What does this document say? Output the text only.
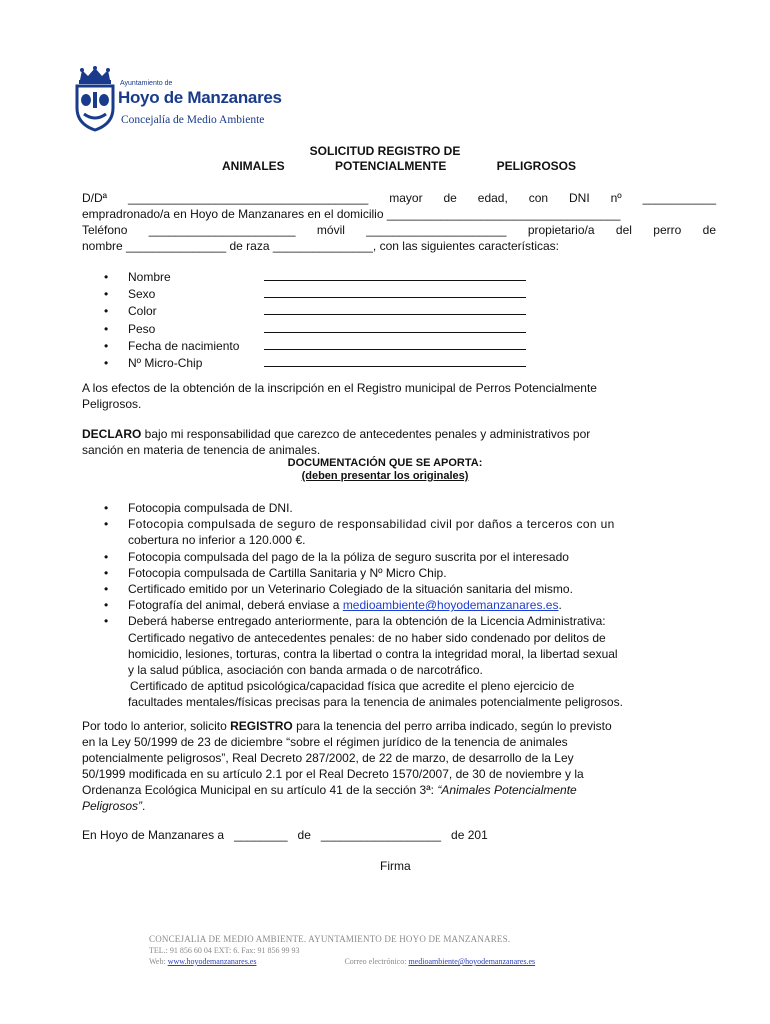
Ayuntamiento de
Hoyo de Manzanares
Concejalía de Medio Ambiente
SOLICITUD REGISTRO DE
ANIMALES	POTENCIALMENTE	PELIGROSOS
D/Dª ____________________________________ mayor de edad, con DNI nº ___________
empradronado/a en Hoyo de Manzanares en el domicilio ___________________________________
Teléfono ______________________ móvil _____________________ propietario/a del perro de
nombre _______________ de raza _______________, con las siguientes características:
•	Nombre
•	Sexo
•	Color
•	Peso
•	Fecha de nacimiento
•	Nº Micro-Chip
A los efectos de la obtención de la inscripción en el Registro municipal de Perros Potencialmente
Peligrosos.
DECLARO bajo mi responsabilidad que carezco de antecedentes penales y administrativos por
sanción en materia de tenencia de animales.
DOCUMENTACIÓN QUE SE APORTA:
(deben presentar los originales)
•	Fotocopia compulsada de DNI.
•	Fotocopia compulsada de seguro de responsabilidad civil por daños a terceros con un
cobertura no inferior a 120.000 €.
•	Fotocopia compulsada del pago de la la póliza de seguro suscrita por el interesado
•	Fotocopia compulsada de Cartilla Sanitaria y Nº Micro Chip.
•	Certificado emitido por un Veterinario Colegiado de la situación sanitaria del mismo.
•	Fotografía del animal, deberá enviase a medioambiente@hoyodemanzanares.es.
•	Deberá haberse entregado anteriormente, para la obtención de la Licencia Administrativa:
Certificado negativo de antecedentes penales: de no haber sido condenado por delitos de
homicidio, lesiones, torturas, contra la libertad o contra la integridad moral, la libertad sexual
y la salud pública, asociación con banda armada o de narcotráfico.
Certificado de aptitud psicológica/capacidad física que acredite el pleno ejercicio de
facultades mentales/físicas precisas para la tenencia de animales potencialmente peligrosos.
Por todo lo anterior, solicito REGISTRO para la tenencia del perro arriba indicado, según lo previsto
en la Ley 50/1999 de 23 de diciembre “sobre el régimen jurídico de la tenencia de animales
potencialmente peligrosos”, Real Decreto 287/2002, de 22 de marzo, de desarrollo de la Ley
50/1999 modificada en su artículo 2.1 por el Real Decreto 1570/2007, de 30 de noviembre y la
Ordenanza Ecológica Municipal en su artículo 41 de la sección 3ª: “Animales Potencialmente
Peligrosos”.
En Hoyo de Manzanares a ________ de __________________ de 201
Firma
CONCEJALIA DE MEDIO AMBIENTE. AYUNTAMIENTO DE HOYO DE MANZANARES.
TEL.: 91 856 60 04 EXT: 6. Fax: 91 856 99 93
Web: www.hoyodemanzanares.es	Correo electrónico: medioambiente@hoyodemanzanares.es
